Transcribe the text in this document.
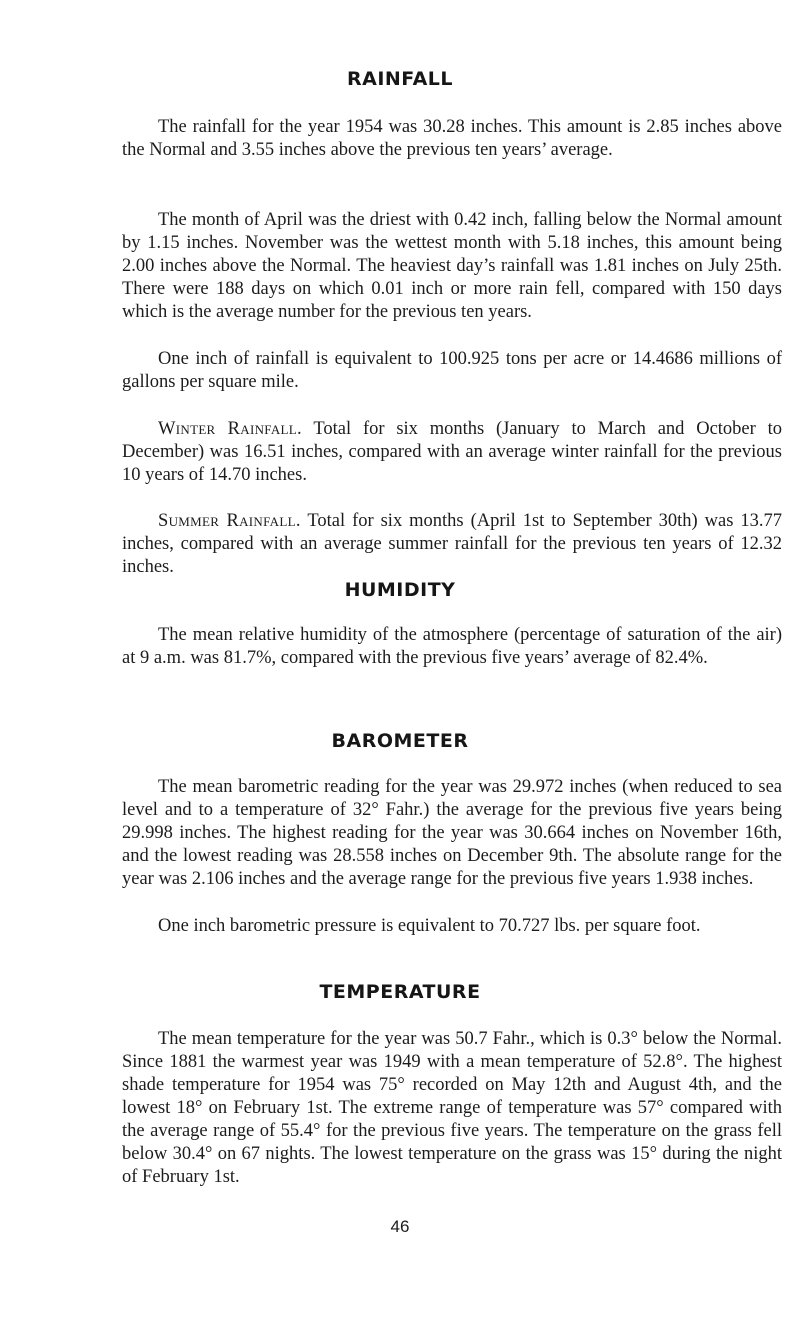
RAINFALL

The rainfall for the year 1954 was 30.28 inches. This amount is 2.85 inches above the Normal and 3.55 inches above the previous ten years’ average.

The month of April was the driest with 0.42 inch, falling below the Normal amount by 1.15 inches. November was the wettest month with 5.18 inches, this amount being 2.00 inches above the Normal. The heaviest day’s rainfall was 1.81 inches on July 25th. There were 188 days on which 0.01 inch or more rain fell, compared with 150 days which is the average number for the previous ten years.

One inch of rainfall is equivalent to 100.925 tons per acre or 14.4686 millions of gallons per square mile.

Winter Rainfall. Total for six months (January to March and October to December) was 16.51 inches, compared with an average winter rainfall for the previous 10 years of 14.70 inches.

Summer Rainfall. Total for six months (April 1st to September 30th) was 13.77 inches, compared with an average summer rainfall for the previous ten years of 12.32 inches.

HUMIDITY

The mean relative humidity of the atmosphere (percentage of saturation of the air) at 9 a.m. was 81.7%, compared with the previous five years’ average of 82.4%.

BAROMETER

The mean barometric reading for the year was 29.972 inches (when reduced to sea level and to a temperature of 32° Fahr.) the average for the previous five years being 29.998 inches. The highest reading for the year was 30.664 inches on November 16th, and the lowest reading was 28.558 inches on December 9th. The absolute range for the year was 2.106 inches and the average range for the previous five years 1.938 inches.

One inch barometric pressure is equivalent to 70.727 lbs. per square foot.

TEMPERATURE

The mean temperature for the year was 50.7 Fahr., which is 0.3° below the Normal. Since 1881 the warmest year was 1949 with a mean temperature of 52.8°. The highest shade temperature for 1954 was 75° recorded on May 12th and August 4th, and the lowest 18° on February 1st. The extreme range of temperature was 57° compared with the average range of 55.4° for the previous five years. The temperature on the grass fell below 30.4° on 67 nights. The lowest temperature on the grass was 15° during the night of February 1st.

46
